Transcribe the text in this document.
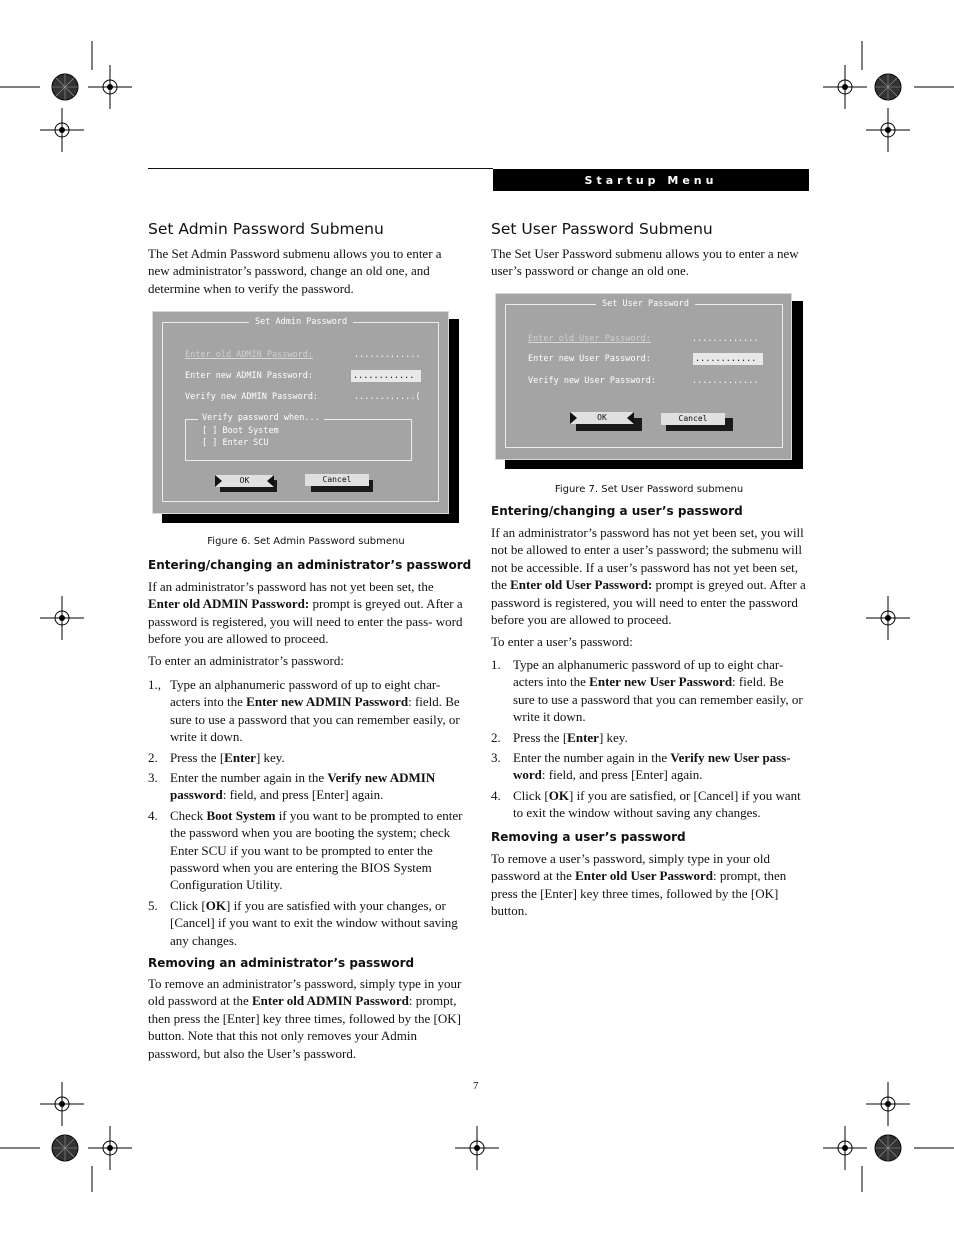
Startup Menu
Set Admin Password Submenu

The Set Admin Password submenu allows you to enter a new administrator’s password, change an old one, and determine when to verify the password.

Set Admin Password
Enter old ADMIN Password:	.............
Enter new ADMIN Password:	............
Verify new ADMIN Password:	............(
Verify password when...
[ ] Boot System
[ ] Enter SCU
OK	Cancel
Figure 6. Set Admin Password submenu
Entering/changing an administrator’s password

If an administrator’s password has not yet been set, the Enter old ADMIN Password: prompt is greyed out. After a password is registered, you will need to enter the pass- word before you are allowed to proceed.

To enter an administrator’s password:

1., Type an alphanumeric password of up to eight char- acters into the Enter new ADMIN Password: field. Be sure to use a password that you can remember easily, or write it down.
2. Press the [Enter] key.
3. Enter the number again in the Verify new ADMIN password: field, and press [Enter] again.
4. Check Boot System if you want to be prompted to enter the password when you are booting the system; check Enter SCU if you want to be prompted to enter the password when you are entering the BIOS System Configuration Utility.
5. Click [OK] if you are satisfied with your changes, or [Cancel] if you want to exit the window without saving any changes.
Removing an administrator’s password

To remove an administrator’s password, simply type in your old password at the Enter old ADMIN Password: prompt, then press the [Enter] key three times, followed by the [OK] button. Note that this not only removes your Admin password, but also the User’s password.

Set User Password Submenu

The Set User Password submenu allows you to enter a new user’s password or change an old one.

Set User Password
Enter old User Password:	.............
Enter new User Password:	............
Verify new User Password:	.............
OK	Cancel
Figure 7. Set User Password submenu
Entering/changing a user’s password

If an administrator’s password has not yet been set, you will not be allowed to enter a user’s password; the submenu will not be accessible. If a user’s password has not yet been set, the Enter old User Password: prompt is greyed out. After a password is registered, you will need to enter the password before you are allowed to proceed.

To enter a user’s password:

1. Type an alphanumeric password of up to eight char- acters into the Enter new User Password: field. Be sure to use a password that you can remember easily, or write it down.
2. Press the [Enter] key.
3. Enter the number again in the Verify new User pass- word: field, and press [Enter] again.
4. Click [OK] if you are satisfied, or [Cancel] if you want to exit the window without saving any changes.
Removing a user’s password

To remove a user’s password, simply type in your old password at the Enter old User Password: prompt, then press the [Enter] key three times, followed by the [OK] button.

7
